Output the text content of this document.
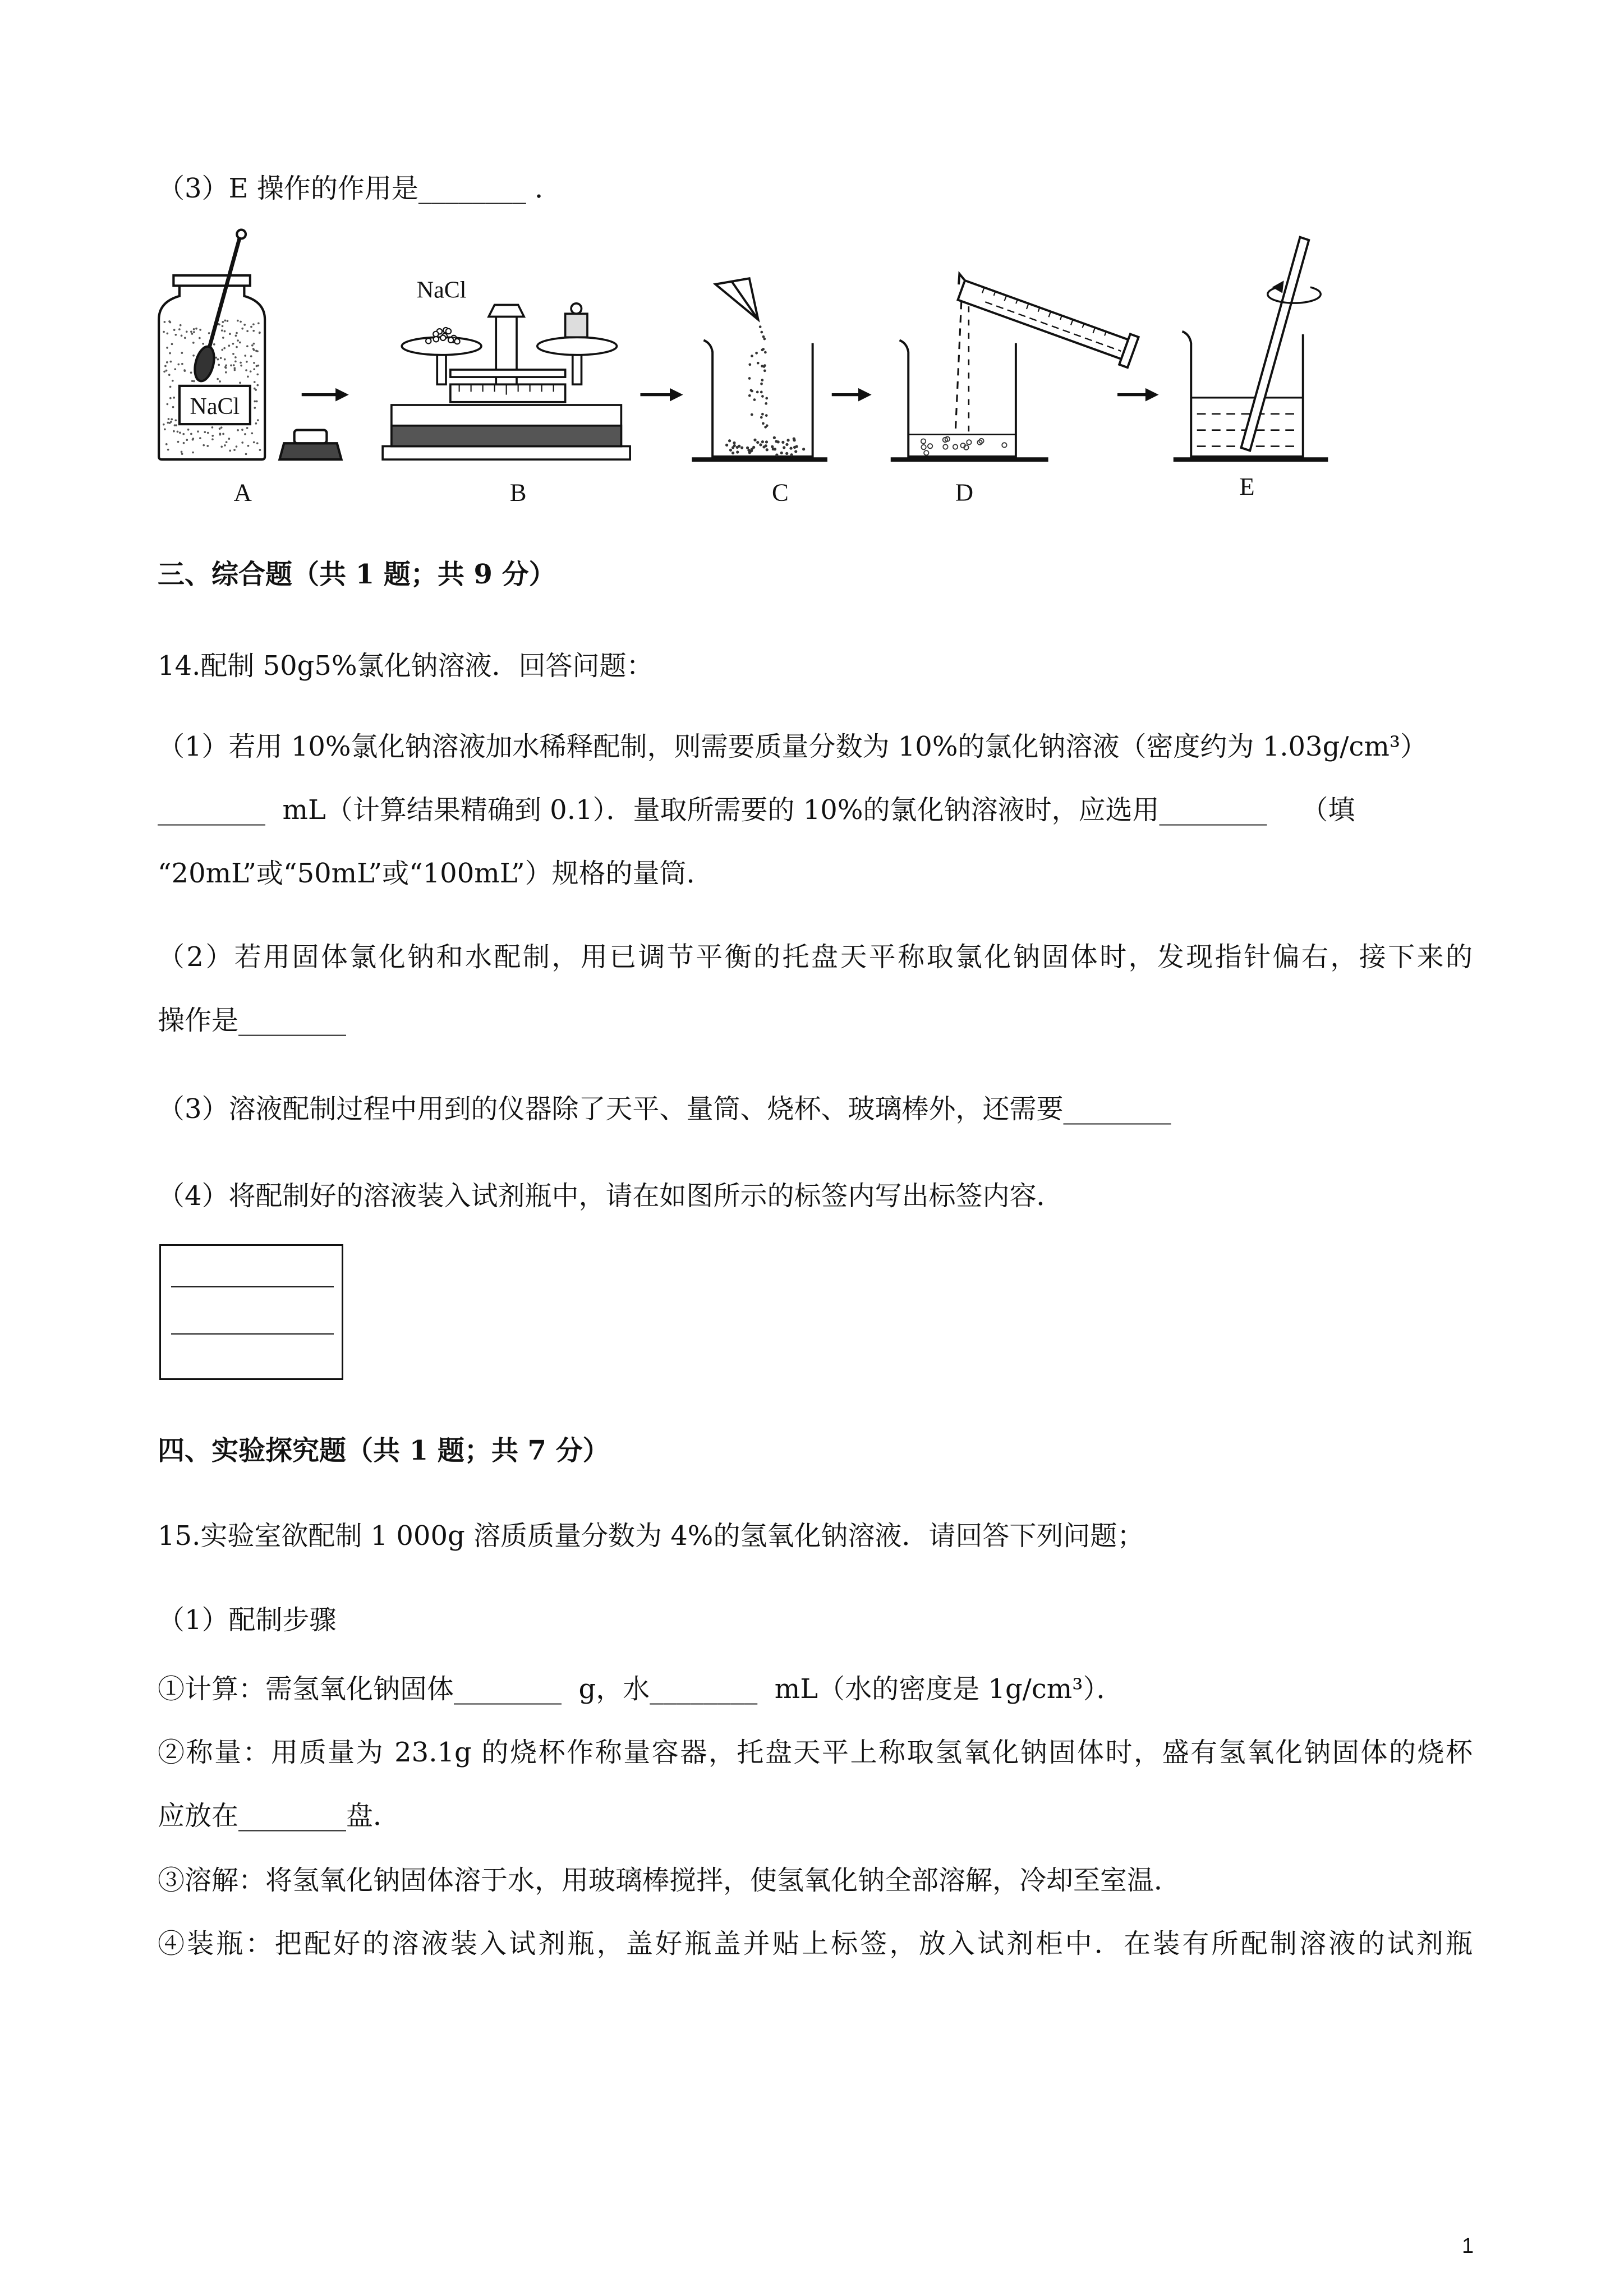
（3）E 操作的作用是________ ．
NaCl
NaCl
A	B	C	D	E
三、综合题（共 1 题；共 9 分）
14.配制 50g5%氯化钠溶液．回答问题：
（1）若用 10%氯化钠溶液加水稀释配制，则需要质量分数为 10%的氯化钠溶液（密度约为 1.03g/cm³）
________  mL（计算结果精确到 0.1）．量取所需要的 10%的氯化钠溶液时，应选用________    （填
“20mL”或“50mL”或“100mL”）规格的量筒．
（2）若用固体氯化钠和水配制，用已调节平衡的托盘天平称取氯化钠固体时，发现指针偏右，接下来的
操作是________
（3）溶液配制过程中用到的仪器除了天平、量筒、烧杯、玻璃棒外，还需要________
（4）将配制好的溶液装入试剂瓶中，请在如图所示的标签内写出标签内容．
四、实验探究题（共 1 题；共 7 分）
15.实验室欲配制 1 000g 溶质质量分数为 4%的氢氧化钠溶液．请回答下列问题；
（1）配制步骤
①计算：需氢氧化钠固体________  g，水________  mL（水的密度是 1g/cm³）．
②称量：用质量为 23.1g 的烧杯作称量容器，托盘天平上称取氢氧化钠固体时，盛有氢氧化钠固体的烧杯
应放在________盘．
③溶解：将氢氧化钠固体溶于水，用玻璃棒搅拌，使氢氧化钠全部溶解，冷却至室温．
④装瓶：把配好的溶液装入试剂瓶，盖好瓶盖并贴上标签，放入试剂柜中．在装有所配制溶液的试剂瓶
1
